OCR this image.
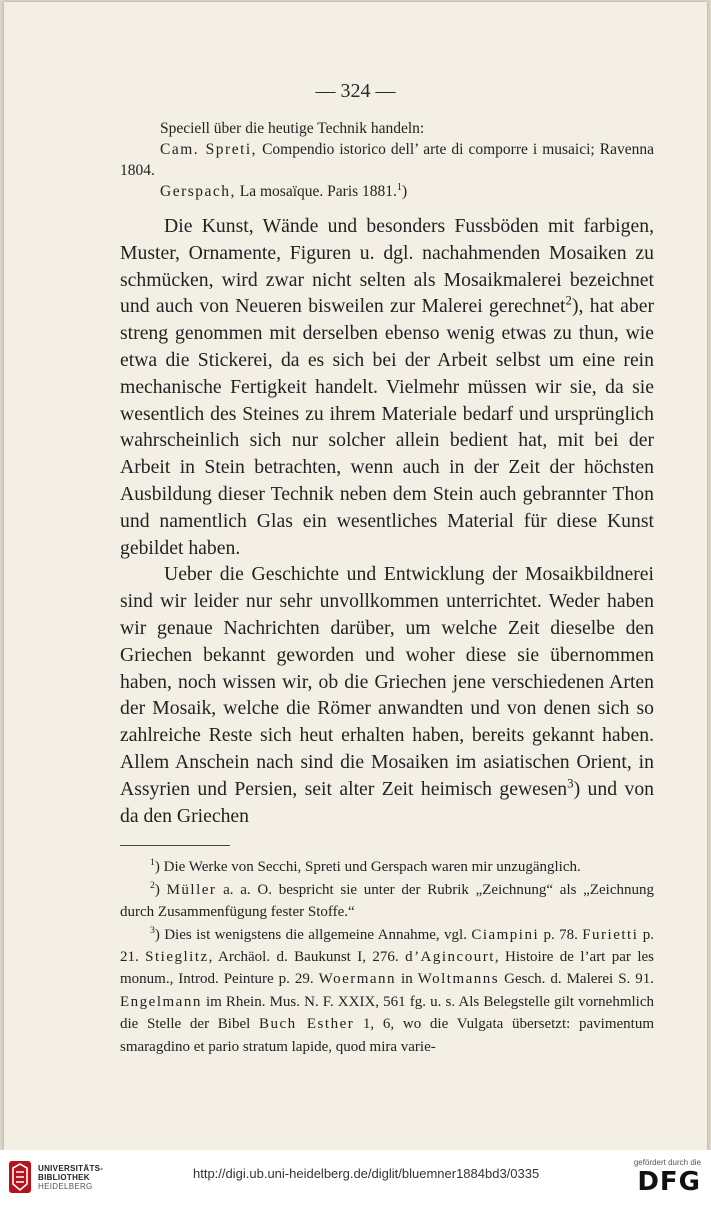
— 324 —

Speciell über die heutige Technik handeln:

Cam. Spreti, Compendio istorico dell’ arte di comporre i musaici; Ravenna 1804.

Gerspach, La mosaïque. Paris 1881.$^1$)

Die Kunst, Wände und besonders Fussböden mit farbigen, Muster, Ornamente, Figuren u. dgl. nachahmenden Mosaiken zu schmücken, wird zwar nicht selten als Mosaikmalerei bezeichnet und auch von Neueren bisweilen zur Malerei gerechnet$^2$), hat aber streng genommen mit derselben ebenso wenig etwas zu thun, wie etwa die Stickerei, da es sich bei der Arbeit selbst um eine rein mechanische Fertigkeit handelt. Vielmehr müssen wir sie, da sie wesentlich des Steines zu ihrem Materiale bedarf und ursprünglich wahrscheinlich sich nur solcher allein bedient hat, mit bei der Arbeit in Stein betrachten, wenn auch in der Zeit der höchsten Ausbildung dieser Technik neben dem Stein auch gebrannter Thon und namentlich Glas ein wesentliches Material für diese Kunst gebildet haben.

Ueber die Geschichte und Entwicklung der Mosaikbildnerei sind wir leider nur sehr unvollkommen unterrichtet. Weder haben wir genaue Nachrichten darüber, um welche Zeit dieselbe den Griechen bekannt geworden und woher diese sie übernommen haben, noch wissen wir, ob die Griechen jene verschiedenen Arten der Mosaik, welche die Römer anwandten und von denen sich so zahlreiche Reste sich heut erhalten haben, bereits gekannt haben. Allem Anschein nach sind die Mosaiken im asiatischen Orient, in Assyrien und Persien, seit alter Zeit heimisch gewesen$^3$) und von da den Griechen

$^1$) Die Werke von Secchi, Spreti und Gerspach waren mir unzugänglich.

$^2$) Müller a. a. O. bespricht sie unter der Rubrik „Zeichnung“ als „Zeichnung durch Zusammenfügung fester Stoffe.“

$^3$) Dies ist wenigstens die allgemeine Annahme, vgl. Ciampini p. 78. Furietti p. 21. Stieglitz, Archäol. d. Baukunst I, 276. d’Agincourt, Histoire de l’art par les monum., Introd. Peinture p. 29. Woermann in Woltmanns Gesch. d. Malerei S. 91. Engelmann im Rhein. Mus. N. F. XXIX, 561 fg. u. s. Als Belegstelle gilt vornehmlich die Stelle der Bibel Buch Esther 1, 6, wo die Vulgata übersetzt: pavimentum smaragdino et pario stratum lapide, quod mira varie-

UNIVERSITÄTS-
BIBLIOTHEK
HEIDELBERG
http://digi.ub.uni-heidelberg.de/diglit/bluemner1884bd3/0335
gefördert durch die
DFG
